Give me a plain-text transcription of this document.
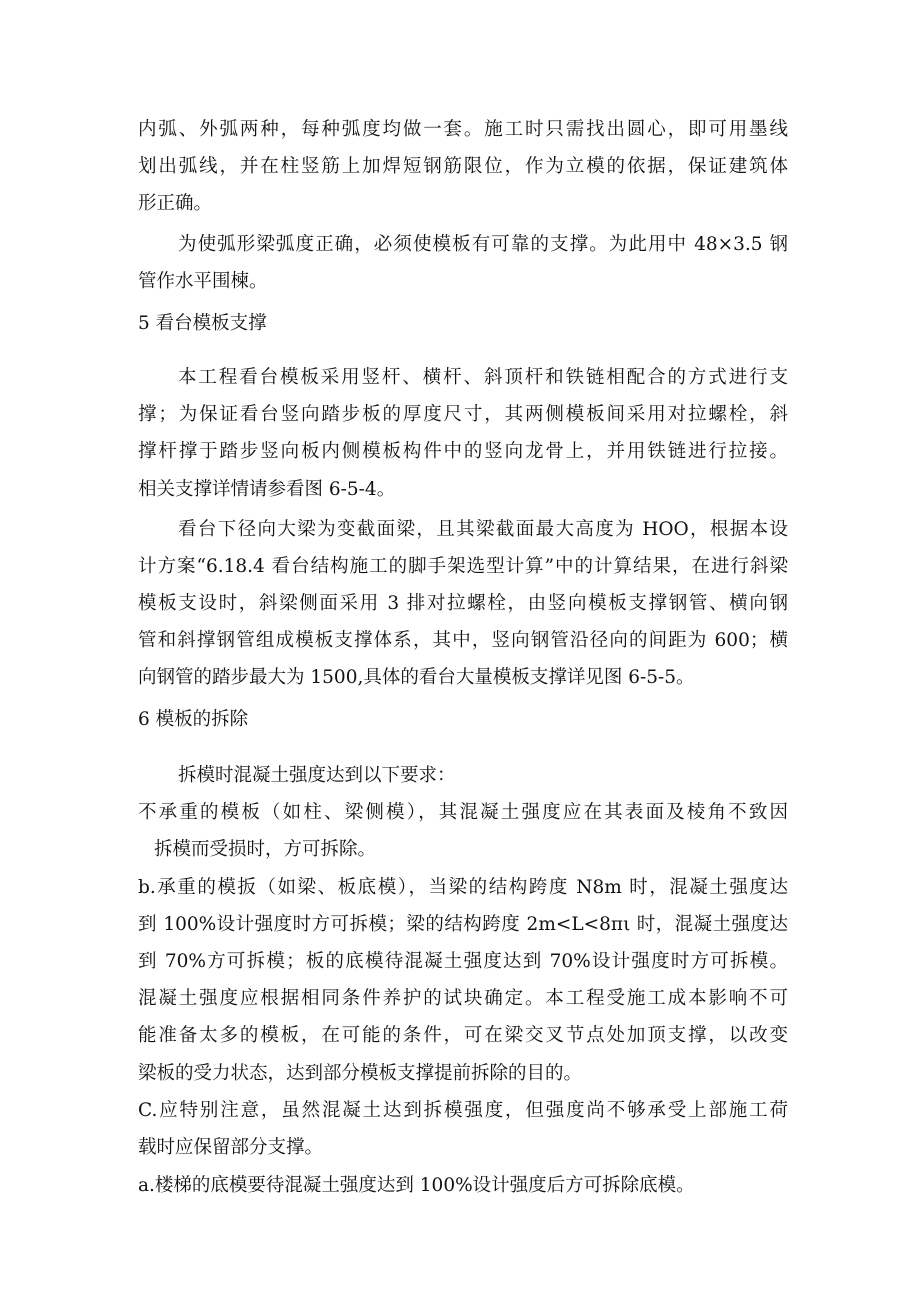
内弧、外弧两种，每种弧度均做一套。施工时只需找出圆心，即可用墨线
划出弧线，并在柱竖筋上加焊短钢筋限位，作为立模的依据，保证建筑体
形正确。
为使弧形梁弧度正确，必须使模板有可靠的支撑。为此用中 48×3.5 钢
管作水平围楝。
5 看台模板支撑
本工程看台模板采用竖杆、横杆、斜顶杆和铁链相配合的方式进行支
撑；为保证看台竖向踏步板的厚度尺寸，其两侧模板间采用对拉螺栓，斜
撑杆撑于踏步竖向板内侧模板构件中的竖向龙骨上，并用铁链进行拉接。
相关支撑详情请参看图 6-5-4。
看台下径向大梁为变截面梁，且其梁截面最大高度为 HOO，根据本设
计方案“6.18.4 看台结构施工的脚手架选型计算”中的计算结果，在进行斜梁
模板支设时，斜梁侧面采用 3 排对拉螺栓，由竖向模板支撑钢管、横向钢
管和斜撑钢管组成模板支撑体系，其中，竖向钢管沿径向的间距为 600；横
向钢管的踏步最大为 1500,具体的看台大量模板支撑详见图 6-5-5。
6 模板的拆除
拆模时混凝土强度达到以下要求：
不承重的模板（如柱、梁侧模），其混凝土强度应在其表面及棱角不致因
拆模而受损时，方可拆除。
b.承重的模扳（如梁、板底模），当梁的结构跨度 N8m 时，混凝土强度达
到 100%设计强度时方可拆模；梁的结构跨度 2m<L<8πι 时，混凝土强度达
到 70%方可拆模；板的底模待混凝土强度达到 70%设计强度时方可拆模。
混凝土强度应根据相同条件养护的试块确定。本工程受施工成本影响不可
能准备太多的模板，在可能的条件，可在梁交叉节点处加顶支撑，以改变
梁板的受力状态，达到部分模板支撑提前拆除的目的。
C.应特别注意，虽然混凝土达到拆模强度，但强度尚不够承受上部施工荷
载时应保留部分支撑。
a.楼梯的底模要待混凝土强度达到 100%设计强度后方可拆除底模。
